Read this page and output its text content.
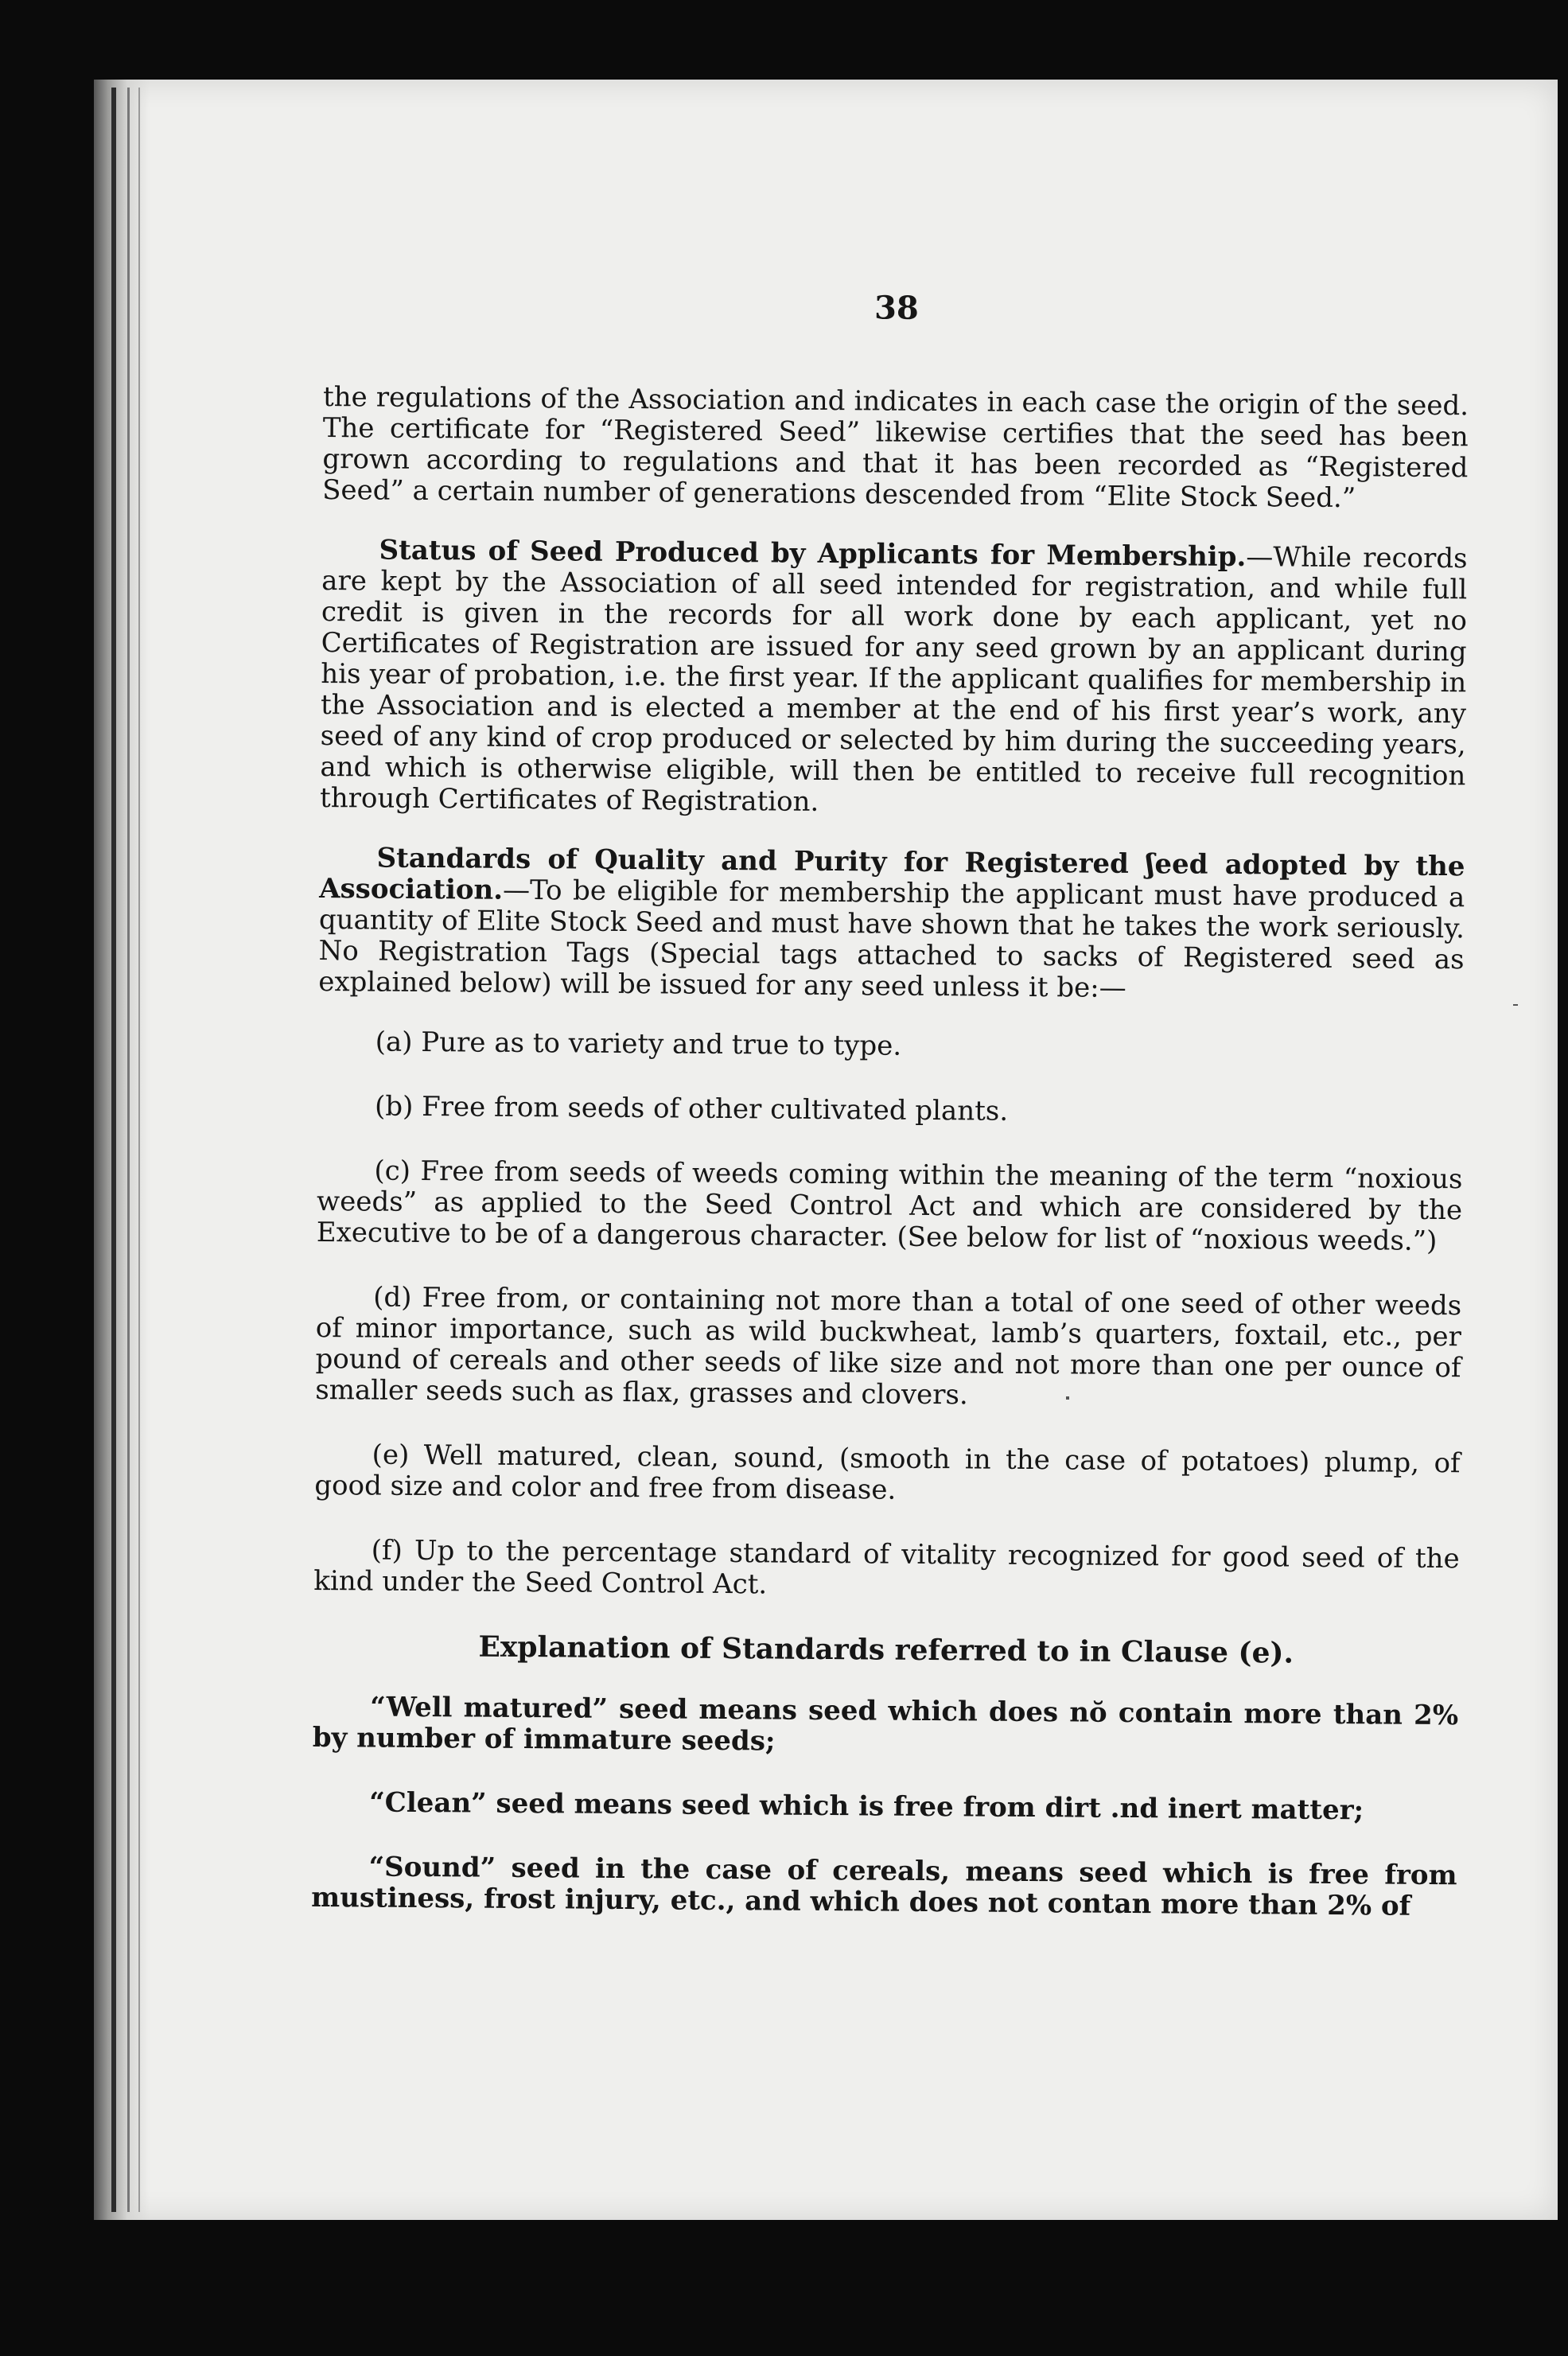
38

the regulations of the Association and indicates in each case the origin of the seed. The certificate for “Registered Seed” likewise certifies that the seed has been grown according to regulations and that it has been recorded as “Registered Seed” a certain number of generations descended from “Elite Stock Seed.”

Status of Seed Produced by Applicants for Membership.—While records are kept by the Association of all seed intended for registration, and while full credit is given in the records for all work done by each applicant, yet no Certificates of Registration are issued for any seed grown by an applicant during his year of probation, i.e. the first year. If the applicant qualifies for membership in the Association and is elected a member at the end of his first year’s work, any seed of any kind of crop produced or selected by him during the succeeding years, and which is otherwise eligible, will then be entitled to receive full recognition through Certificates of Registration.

Standards of Quality and Purity for Registered ʃeed adopted by the Association.—To be eligible for membership the applicant must have produced a quantity of Elite Stock Seed and must have shown that he takes the work seriously. No Registration Tags (Special tags attached to sacks of Registered seed as explained below) will be issued for any seed unless it be:—

(a) Pure as to variety and true to type.

(b) Free from seeds of other cultivated plants.

(c) Free from seeds of weeds coming within the meaning of the term “noxious weeds” as applied to the Seed Control Act and which are considered by the Executive to be of a dangerous character. (See below for list of “noxious weeds.”)

(d) Free from, or containing not more than a total of one seed of other weeds of minor importance, such as wild buckwheat, lamb’s quarters, foxtail, etc., per pound of cereals and other seeds of like size and not more than one per ounce of smaller seeds such as flax, grasses and clovers.

(e) Well matured, clean, sound, (smooth in the case of potatoes) plump, of good size and color and free from disease.

(f) Up to the percentage standard of vitality recognized for good seed of the kind under the Seed Control Act.

Explanation of Standards referred to in Clause (e).

“Well matured” seed means seed which does nŏ contain more than 2% by number of immature seeds;

“Clean” seed means seed which is free from dirt .nd inert matter;

“Sound” seed in the case of cereals, means seed which is free from mustiness, frost injury, etc., and which does not contan more than 2% of
